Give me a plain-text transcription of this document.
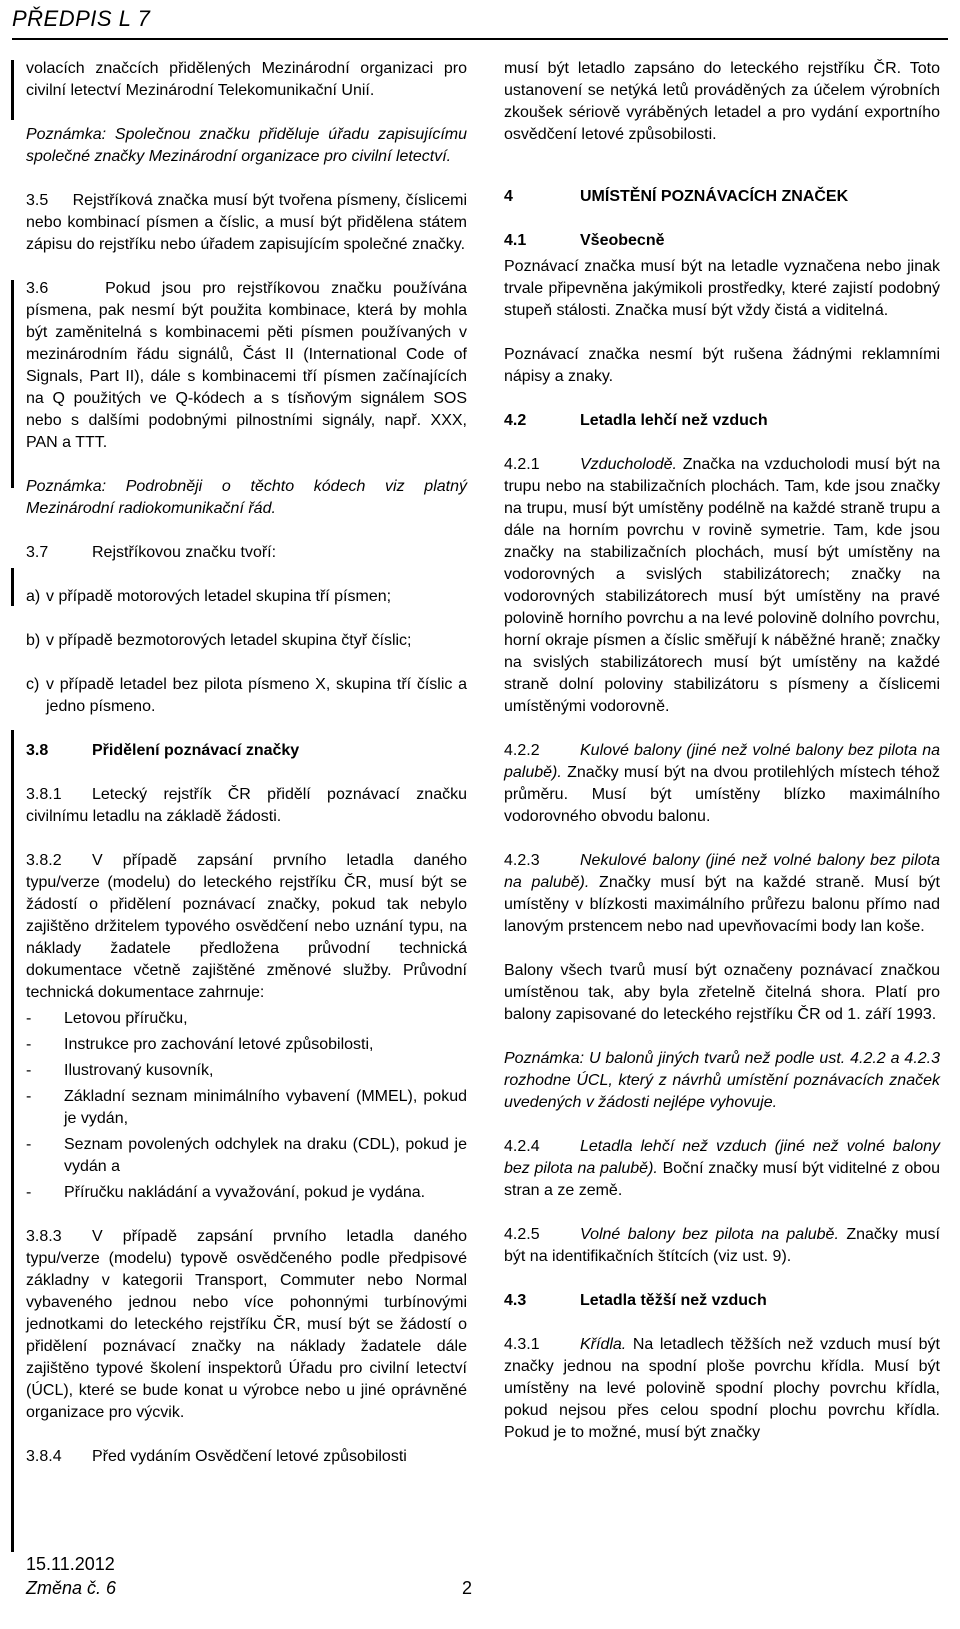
PŘEDPIS L 7

volacích značcích přidělených Mezinárodní organizaci pro civilní letectví Mezinárodní Telekomunikační Unií.

Poznámka: Společnou značku přiděluje úřadu zapisujícímu společné značky Mezinárodní organizace pro civilní letectví.

3.5 Rejstříková značka musí být tvořena písmeny, číslicemi nebo kombinací písmen a číslic, a musí být přidělena státem zápisu do rejstříku nebo úřadem zapisujícím společné značky.

3.6	Pokud jsou pro rejstříkovou značku používána písmena, pak nesmí být použita kombinace, která by mohla být zaměnitelná s kombinacemi pěti písmen používaných v mezinárodním řádu signálů, Část II (International Code of Signals, Part II), dále s kombinacemi tří písmen začínajících na Q použitých ve Q-kódech a s tísňovým signálem SOS nebo s dalšími podobnými pilnostními signály, např. XXX, PAN a TTT.

Poznámka: Podrobněji o těchto kódech viz platný Mezinárodní radiokomunikační řád.

3.7	Rejstříkovou značku tvoří:

a) v případě motorových letadel skupina tří písmen;
b) v případě bezmotorových letadel skupina čtyř číslic;
c) v případě letadel bez pilota písmeno X, skupina tří číslic a jedno písmeno.

3.8	Přidělení poznávací značky

3.8.1 Letecký rejstřík ČR přidělí poznávací značku civilnímu letadlu na základě žádosti.

3.8.2 V případě zapsání prvního letadla daného typu/verze (modelu) do leteckého rejstříku ČR, musí být se žádostí o přidělení poznávací značky, pokud tak nebylo zajištěno držitelem typového osvědčení nebo uznání typu, na náklady žadatele předložena průvodní technická dokumentace včetně zajištěné změnové služby. Průvodní technická dokumentace zahrnuje:

-	Letovou příručku,
-	Instrukce pro zachování letové způsobilosti,
-	Ilustrovaný kusovník,
-	Základní seznam minimálního vybavení (MMEL), pokud je vydán,
-	Seznam povolených odchylek na draku (CDL), pokud je vydán a
-	Příručku nakládání a vyvažování, pokud je vydána.

3.8.3 V případě zapsání prvního letadla daného typu/verze (modelu) typově osvědčeného podle předpisové základny v kategorii Transport, Commuter nebo Normal vybaveného jednou nebo více pohonnými turbínovými jednotkami do leteckého rejstříku ČR, musí být se žádostí o přidělení poznávací značky na náklady žadatele dále zajištěno typové školení inspektorů Úřadu pro civilní letectví (ÚCL), které se bude konat u výrobce nebo u jiné oprávněné organizace pro výcvik.

3.8.4 Před vydáním Osvědčení letové způsobilosti

musí být letadlo zapsáno do leteckého rejstříku ČR. Toto ustanovení se netýká letů prováděných za účelem výrobních zkoušek sériově vyráběných letadel a pro vydání exportního osvědčení letové způsobilosti.

4	UMÍSTĚNÍ POZNÁVACÍCH ZNAČEK

4.1	Všeobecně

Poznávací značka musí být na letadle vyznačena nebo jinak trvale připevněna jakýmikoli prostředky, které zajistí podobný stupeň stálosti. Značka musí být vždy čistá a viditelná.

Poznávací značka nesmí být rušena žádnými reklamními nápisy a znaky.

4.2	Letadla lehčí než vzduch

4.2.1	Vzducholodě. Značka na vzducholodi musí být na trupu nebo na stabilizačních plochách. Tam, kde jsou značky na trupu, musí být umístěny podélně na každé straně trupu a dále na horním povrchu v rovině symetrie. Tam, kde jsou značky na stabilizačních plochách, musí být umístěny na vodorovných a svislých stabilizátorech; značky na vodorovných stabilizátorech musí být umístěny na pravé polovině horního povrchu a na levé polovině dolního povrchu, horní okraje písmen a číslic směřují k náběžné hraně; značky na svislých stabilizátorech musí být umístěny na každé straně dolní poloviny stabilizátoru s písmeny a číslicemi umístěnými vodorovně.

4.2.2	Kulové balony (jiné než volné balony bez pilota na palubě). Značky musí být na dvou protilehlých místech téhož průměru. Musí být umístěny blízko maximálního vodorovného obvodu balonu.

4.2.3	Nekulové balony (jiné než volné balony bez pilota na palubě). Značky musí být na každé straně. Musí být umístěny v blízkosti maximálního průřezu balonu přímo nad lanovým prstencem nebo nad upevňovacími body lan koše.

Balony všech tvarů musí být označeny poznávací značkou umístěnou tak, aby byla zřetelně čitelná shora. Platí pro balony zapisované do leteckého rejstříku ČR od 1. září 1993.

Poznámka: U balonů jiných tvarů než podle ust. 4.2.2 a 4.2.3 rozhodne ÚCL, který z návrhů umístění poznávacích značek uvedených v žádosti nejlépe vyhovuje.

4.2.4	Letadla lehčí než vzduch (jiné než volné balony bez pilota na palubě). Boční značky musí být viditelné z obou stran a ze země.

4.2.5	Volné balony bez pilota na palubě. Značky musí být na identifikačních štítcích (viz ust. 9).

4.3	Letadla těžší než vzduch

4.3.1	Křídla. Na letadlech těžších než vzduch musí být značky jednou na spodní ploše povrchu křídla. Musí být umístěny na levé polovině spodní plochy povrchu křídla, pokud nejsou přes celou spodní plochu povrchu křídla. Pokud je to možné, musí být značky

15.11.2012
Změna č. 6	2
